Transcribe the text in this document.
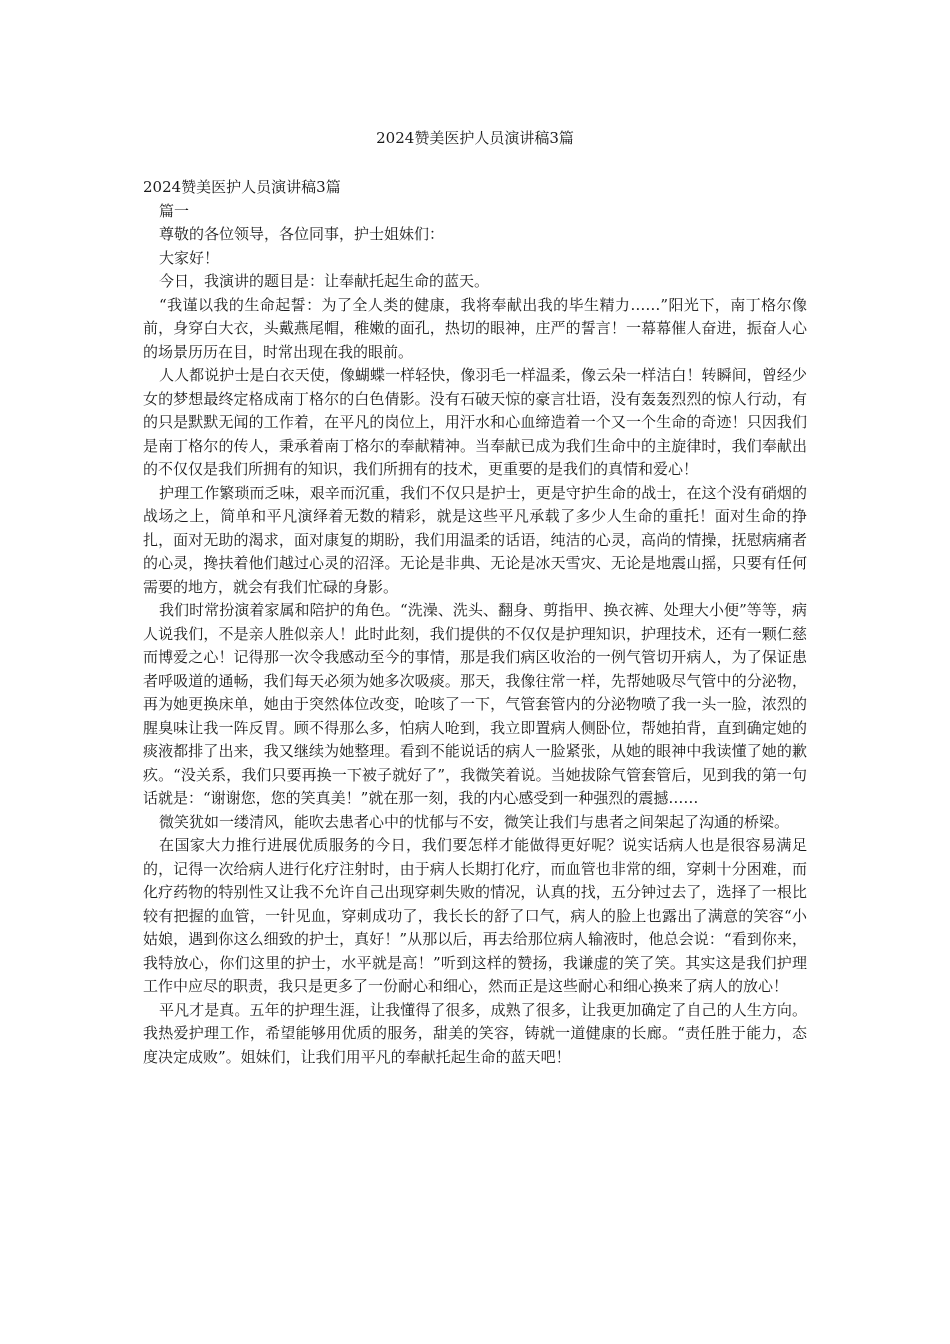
2024赞美医护人员演讲稿3篇

2024赞美医护人员演讲稿3篇

篇一

尊敬的各位领导，各位同事，护士姐妹们：

大家好！

今日，我演讲的题目是：让奉献托起生命的蓝天。

“我谨以我的生命起誓：为了全人类的健康，我将奉献出我的毕生精力……”阳光下，南丁格尔像前，身穿白大衣，头戴燕尾帽，稚嫩的面孔，热切的眼神，庄严的誓言！一幕幕催人奋进，振奋人心的场景历历在目，时常出现在我的眼前。

人人都说护士是白衣天使，像蝴蝶一样轻快，像羽毛一样温柔，像云朵一样洁白！转瞬间，曾经少女的梦想最终定格成南丁格尔的白色倩影。没有石破天惊的豪言壮语，没有轰轰烈烈的惊人行动，有的只是默默无闻的工作着，在平凡的岗位上，用汗水和心血缔造着一个又一个生命的奇迹！只因我们是南丁格尔的传人，秉承着南丁格尔的奉献精神。当奉献已成为我们生命中的主旋律时，我们奉献出的不仅仅是我们所拥有的知识，我们所拥有的技术，更重要的是我们的真情和爱心！

护理工作繁琐而乏味，艰辛而沉重，我们不仅只是护士，更是守护生命的战士，在这个没有硝烟的战场之上，简单和平凡演绎着无数的精彩，就是这些平凡承载了多少人生命的重托！面对生命的挣扎，面对无助的渴求，面对康复的期盼，我们用温柔的话语，纯洁的心灵，高尚的情操，抚慰病痛者的心灵，搀扶着他们越过心灵的沼泽。无论是非典、无论是冰天雪灾、无论是地震山摇，只要有任何需要的地方，就会有我们忙碌的身影。

我们时常扮演着家属和陪护的角色。“洗澡、洗头、翻身、剪指甲、换衣裤、处理大小便”等等，病人说我们，不是亲人胜似亲人！此时此刻，我们提供的不仅仅是护理知识，护理技术，还有一颗仁慈而博爱之心！记得那一次令我感动至今的事情，那是我们病区收治的一例气管切开病人，为了保证患者呼吸道的通畅，我们每天必须为她多次吸痰。那天，我像往常一样，先帮她吸尽气管中的分泌物，再为她更换床单，她由于突然体位改变，呛咳了一下，气管套管内的分泌物喷了我一头一脸，浓烈的腥臭味让我一阵反胃。顾不得那么多，怕病人呛到，我立即置病人侧卧位，帮她拍背，直到确定她的痰液都排了出来，我又继续为她整理。看到不能说话的病人一脸紧张，从她的眼神中我读懂了她的歉疚。“没关系，我们只要再换一下被子就好了”，我微笑着说。当她拔除气管套管后，见到我的第一句话就是：“谢谢您，您的笑真美！”就在那一刻，我的内心感受到一种强烈的震撼……

微笑犹如一缕清风，能吹去患者心中的忧郁与不安，微笑让我们与患者之间架起了沟通的桥梁。

在国家大力推行进展优质服务的今日，我们要怎样才能做得更好呢？说实话病人也是很容易满足的，记得一次给病人进行化疗注射时，由于病人长期打化疗，而血管也非常的细，穿刺十分困难，而化疗药物的特别性又让我不允许自己出现穿刺失败的情况，认真的找，五分钟过去了，选择了一根比较有把握的血管，一针见血，穿刺成功了，我长长的舒了口气，病人的脸上也露出了满意的笑容“小姑娘，遇到你这么细致的护士，真好！”从那以后，再去给那位病人输液时，他总会说：“看到你来，我特放心，你们这里的护士，水平就是高！”听到这样的赞扬，我谦虚的笑了笑。其实这是我们护理工作中应尽的职责，我只是更多了一份耐心和细心，然而正是这些耐心和细心换来了病人的放心！

平凡才是真。五年的护理生涯，让我懂得了很多，成熟了很多，让我更加确定了自己的人生方向。我热爱护理工作，希望能够用优质的服务，甜美的笑容，铸就一道健康的长廊。“责任胜于能力，态度决定成败”。姐妹们，让我们用平凡的奉献托起生命的蓝天吧！
